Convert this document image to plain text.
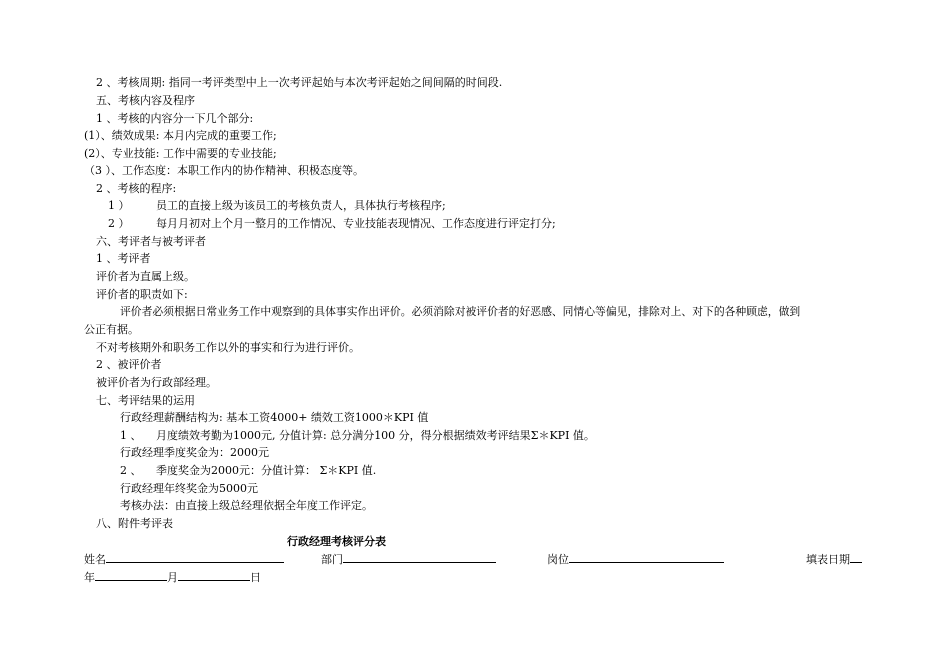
2 、考核周期: 指同一考评类型中上一次考评起始与本次考评起始之间间隔的时间段.
五、考核内容及程序
1 、考核的内容分一下几个部分:
(1）、绩效成果: 本月内完成的重要工作;
(2）、专业技能: 工作中需要的专业技能;
（3 ）、工作态度：本职工作内的协作精神、积极态度等。
2 、考核的程序:
1 ） 员工的直接上级为该员工的考核负责人，具体执行考核程序;
2 ） 每月月初对上个月一整月的工作情况、专业技能表现情况、工作态度进行评定打分;
六、考评者与被考评者
1 、考评者
评价者为直属上级。
评价者的职责如下:
评价者必须根据日常业务工作中观察到的具体事实作出评价。必须消除对被评价者的好恶感、同情心等偏见，排除对上、对下的各种顾虑，做到
公正有据。
不对考核期外和职务工作以外的事实和行为进行评价。
2 、被评价者
被评价者为行政部经理。
七、考评结果的运用
行政经理薪酬结构为: 基本工资4000+ 绩效工资1000＊KPI 值
1 、 月度绩效考勤为1000元, 分值计算: 总分满分100 分，得分根据绩效考评结果Σ＊KPI 值。
行政经理季度奖金为：2000元
2 、 季度奖金为2000元：分值计算： Σ＊KPI 值.
行政经理年终奖金为5000元
考核办法：由直接上级总经理依据全年度工作评定。
八、附件考评表
行政经理考核评分表
姓名	部门	岗位	填表日期
年	月	日
